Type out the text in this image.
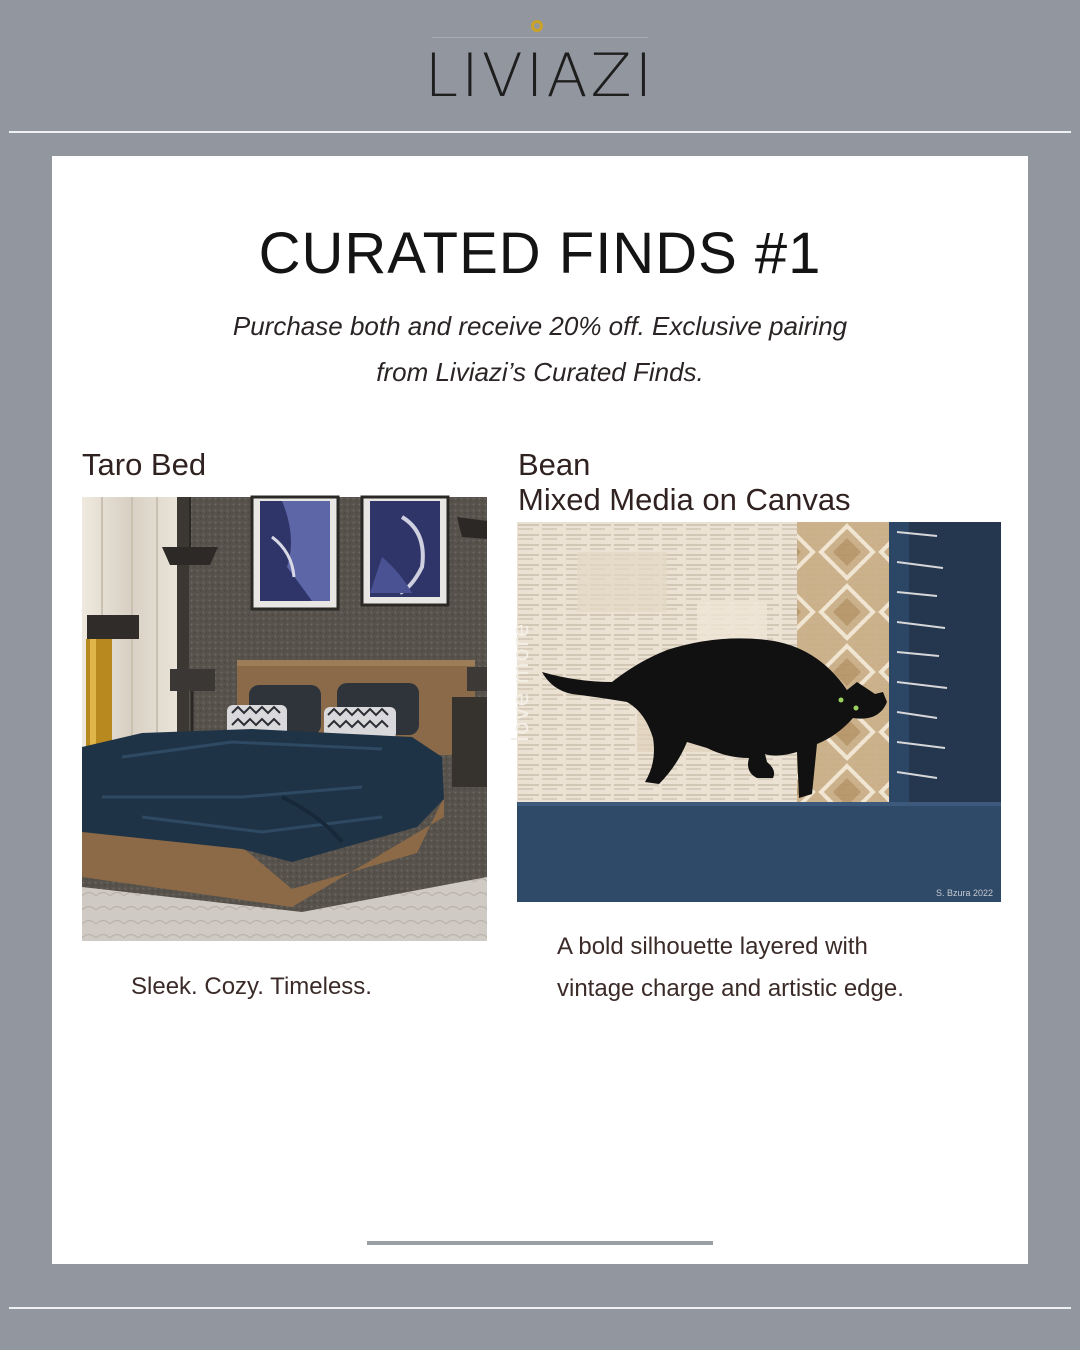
LIVIAZI
CURATED FINDS #1
Purchase both and receive 20% off. Exclusive pairing
from Liviazi’s Curated Finds.
Taro Bed
Sleek. Cozy. Timeless.
Bean
Mixed Media on Canvas
love more
S. Bzura 2022
A bold silhouette layered with
vintage charge and artistic edge.
